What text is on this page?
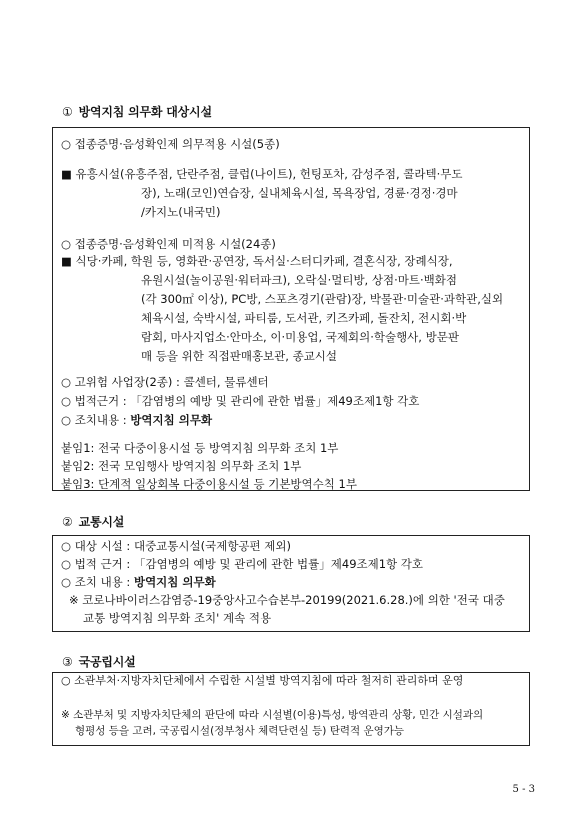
① 방역지침 의무화 대상시설
○ 접종증명·음성확인제 의무적용 시설(5종)
■ 유흥시설(유흥주점, 단란주점, 클럽(나이트), 헌팅포차, 감성주점, 콜라텍·무도
장), 노래(코인)연습장, 실내체육시설, 목욕장업, 경륜·경정·경마
/카지노(내국민)
○ 접종증명·음성확인제 미적용 시설(24종)
■ 식당·카페, 학원 등, 영화관·공연장, 독서실·스터디카페, 결혼식장, 장례식장,
유원시설(놀이공원·워터파크), 오락실·멀티방, 상점·마트·백화점
(각 300㎡ 이상), PC방, 스포츠경기(관람)장, 박물관·미술관·과학관,실외
체육시설, 숙박시설, 파티룸, 도서관, 키즈카페, 돌잔치, 전시회·박
람회, 마사지업소·안마소, 이·미용업, 국제회의·학술행사, 방문판
매 등을 위한 직접판매홍보관, 종교시설
○ 고위험 사업장(2종) : 콜센터, 물류센터
○ 법적근거 : 「감염병의 예방 및 관리에 관한 법률」제49조제1항 각호
○ 조치내용 : 방역지침 의무화
붙임1: 전국 다중이용시설 등 방역지침 의무화 조치 1부
붙임2: 전국 모임행사 방역지침 의무화 조치 1부
붙임3: 단계적 일상회복 다중이용시설 등 기본방역수칙 1부
② 교통시설
○ 대상 시설 : 대중교통시설(국제항공편 제외)
○ 법적 근거 : 「감염병의 예방 및 관리에 관한 법률」제49조제1항 각호
○ 조치 내용 : 방역지침 의무화
※ 코로나바이러스감염증-19중앙사고수습본부-20199(2021.6.28.)에 의한 '전국 대중
교통 방역지침 의무화 조치' 계속 적용
③ 국공립시설
○ 소관부처·지방자치단체에서 수립한 시설별 방역지침에 따라 철저히 관리하며 운영
※ 소관부처 및 지방자치단체의 판단에 따라 시설별(이용)특성, 방역관리 상황, 민간 시설과의
형평성 등을 고려, 국공립시설(정부청사 체력단련실 등) 탄력적 운영가능
5 - 3
